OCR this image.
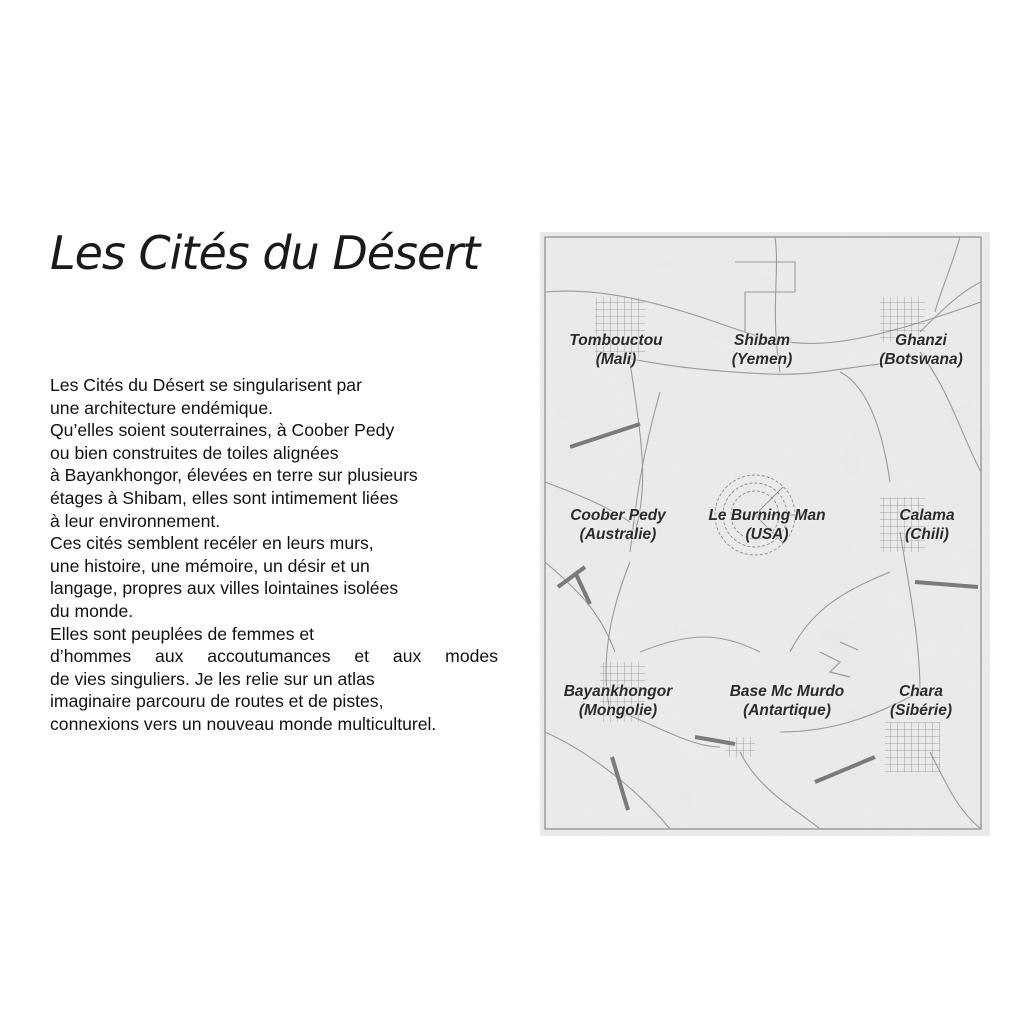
Les Cités du Désert
Les Cités du Désert se singularisent par
une architecture endémique.
Qu’elles soient souterraines, à Coober Pedy
ou bien construites de toiles alignées
à Bayankhongor, élevées en terre sur plusieurs
étages à Shibam, elles sont intimement liées
à leur environnement.
Ces cités semblent recéler en leurs murs,
une histoire, une mémoire, un désir et un
langage, propres aux villes lointaines isolées
du monde.
Elles sont peuplées de femmes et
d’hommes aux accoutumances et aux modes
de vies singuliers. Je les relie sur un atlas
imaginaire parcouru de routes et de pistes,
connexions vers un nouveau monde multiculturel.
Tombouctou
(Mali)
Shibam
(Yemen)
Ghanzi
(Botswana)
Coober Pedy
(Australie)
Le Burning Man
(USA)
Calama
(Chili)
Bayankhongor
(Mongolie)
Base Mc Murdo
(Antartique)
Chara
(Sibérie)
